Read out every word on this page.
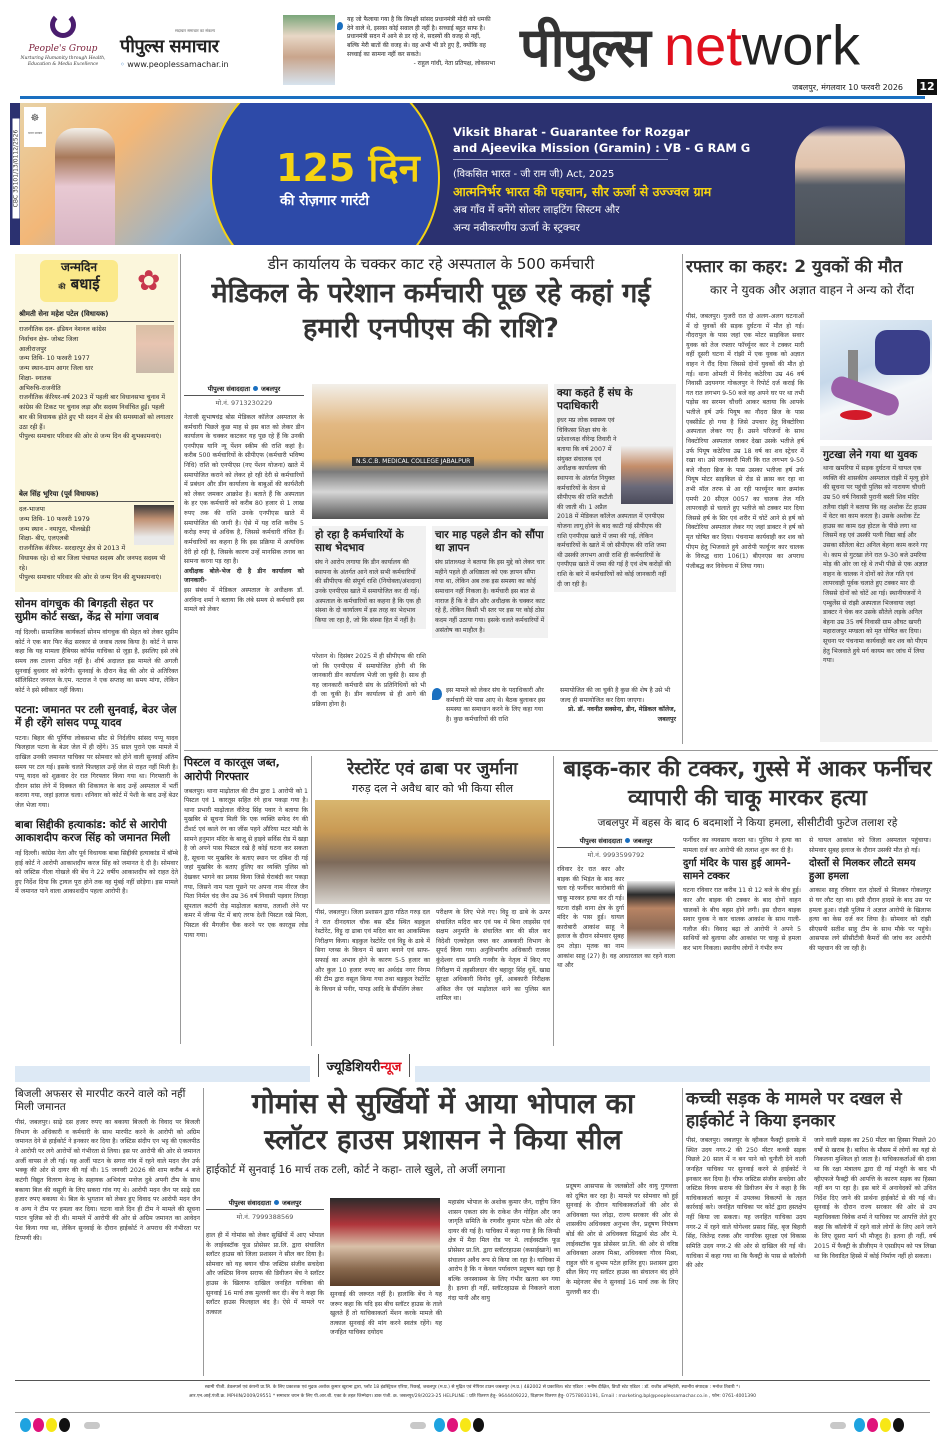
People's Group
Nurturing Humanity through Health, Education & Media Excellence
सदाचार समाचार का संकल्प
पीपुल्स समाचार
◦ www.peoplessamachar.in
यह जो फैलाया गया है कि विपक्षी सांसद प्रधानमंत्री मोदी को धमकी देने वाले थे, इसका कोई सवाल ही नहीं है। सच्चाई बहुत साफ है। प्रधानमंत्री सदन में आने से डर रहे थे, सदस्यों की वजह से नहीं, बल्कि मेरी बातों की वजह से। वह अभी भी डरे हुए हैं, क्योंकि वह सच्चाई का सामना नहीं कर सकते।
- राहुल गांधी, नेता प्रतिपक्ष, लोकसभा पीपुल्स network
जबलपुर, मंगलवार 10 फरवरी 2026 12
CBC 35101/13/0112/2526
☸
भारत सरकार
125 दिन
की रोज़गार गारंटी
Viksit Bharat - Guarantee for Rozgar
and Ajeevika Mission (Gramin) : VB - G RAM G
(विकसित भारत - जी राम जी) Act, 2025
आत्मनिर्भर भारत की पहचान, सौर ऊर्जा से उज्ज्वल ग्राम
अब गाँव में बनेंगे सोलर लाइटिंग सिस्टम और
अन्य नवीकरणीय ऊर्जा के स्ट्रक्चर
जन्मदिन
की बधाई	✿
श्रीमती सेना महेश पटेल (विधायक)
राजनीतिक दल- इंडियन नेशनल कांग्रेस
निर्वाचन क्षेत्र- जोबट जिला
आलीराजपुर
जन्म तिथि- 10 फरवरी 1977
जन्म स्थान-ग्राम आगर जिला धार
शिक्षा- स्नातक
अभिरुचि-राजनीति
राजनीतिक कॅरियर-वर्ष 2023 में पहली बार विधानसभा चुनाव में कांग्रेस की टिकट पर चुनाव लड़ा और सदस्य निर्वाचित हुईं। पहली बार की विधायक होते हुए भी सदन में क्षेत्र की समस्याओं को लगातार उठा रही हैं।
पीपुल्स समाचार परिवार की ओर से जन्म दिन की शुभकामनाएं।
बेल सिंह भूरिया (पूर्व विधायक)
दल-भाजपा
जन्म तिथि- 10 फरवरी 1979
जन्म स्थान - नयापुरा, भीलखेड़ी
शिक्षा- बीए, एलएलबी
राजनीतिक कॅरियर- सरदारपुर क्षेत्र से 2013 में विधायक रहे। दो बार जिला पंचायत सदस्य और जनपद सदस्य भी रहे।
पीपुल्स समाचार परिवार की ओर से जन्म दिन की शुभकामनाएं।
सोनम वांगचुक की बिगड़ती सेहत पर सुप्रीम कोर्ट सख्त, केंद्र से मांगा जवाब
नई दिल्ली। सामाजिक कार्यकर्ता सोनम वांगचुक की सेहत को लेकर सुप्रीम कोर्ट ने एक बार फिर केंद्र सरकार से जवाब तलब किया है। कोर्ट ने साफ कहा कि यह मामला हैबियस कॉर्पस याचिका से जुड़ा है, इसलिए इसे लंबे समय तक टालना उचित नहीं है। शीर्ष अदालत इस मामले की अगली सुनवाई बुधवार को करेगी। सुनवाई के दौरान केंद्र की ओर से अतिरिक्त सॉलिसिटर जनरल के.एम. नटराज ने एक सप्ताह का समय मांगा, लेकिन कोर्ट ने इसे स्वीकार नहीं किया।
पटना: जमानत पर टली सुनवाई, बेउर जेल में ही रहेंगे सांसद पप्पू यादव
पटना। बिहार की पूर्णिया लोकसभा सीट से निर्दलीय सांसद पप्पू यादव फिलहाल पटना के बेउर जेल में ही रहेंगे। 35 साल पुराने एक मामले में दाखिल उनकी जमानत याचिका पर सोमवार को होने वाली सुनवाई अंतिम समय पर टल गई। इसके चलते फिलहाल उन्हें जेल से राहत नहीं मिली है। पप्पू यादव को शुक्रवार देर रात गिरफ्तार किया गया था। गिरफ्तारी के दौरान सांस लेने में दिक्कत की शिकायत के बाद उन्हें अस्पताल में भर्ती कराया गया, जहां इलाज चला। शनिवार को कोर्ट में पेशी के बाद उन्हें बेउर जेल भेजा गया।
बाबा सिद्दीकी हत्याकांड: कोर्ट से आरोपी आकाशदीप करज सिंह को जमानत मिली
नई दिल्ली। कांग्रेस नेता और पूर्व विधायक बाबा सिद्दीकी हत्याकांड में बॉम्बे हाई कोर्ट ने आरोपी आकाशदीप करज सिंह को जमानत दे दी है। सोमवार को जस्टिस नीला गोखले की बेंच ने 22 वर्षीय आकाशदीप को राहत देते हुए निर्देश दिया कि ट्रायल पूरा होने तक वह मुंबई नहीं छोड़ेगा। इस मामले में जमानत पाने वाला आकाशदीप पहला आरोपी है।
डीन कार्यालय के चक्कर काट रहे अस्पताल के 500 कर्मचारी
मेडिकल के परेशान कर्मचारी पूछ रहे कहां गई हमारी एनपीएस की राशि?
पीपुल्स संवाददाता जबलपुर
मो.नं. 9713230229
नेताजी सुभाषचंद्र बोस मेडिकल कॉलेज अस्पताल के कर्मचारी पिछले कुछ माह से इस बात को लेकर डीन कार्यालय के चक्कर काटकर यह पूछ रहे हैं कि उनकी एनपीएस यानि न्यू पेंशन स्कीम की राशि कहां है। करीब 500 कर्मचारियों के सीपीएफ (कर्मचारी भविष्य निधि) राशि को एनपीएस (नए पेंशन योजना) खाते में समायोजित कराने को लेकर हो रही देरी से कर्मचारियों में प्रबंधन और डीन कार्यालय के बाबुओं की कार्यशैली को लेकर जमकर आक्रोश है। बताते हैं कि अस्पताल के हर एक कर्मचारी को करीब 80 हजार से 1 लाख रुपए तक की राशि उनके एनपीएस खाते में समायोजित की जानी है। ऐसे में यह राशि करीब 5 करोड़ रुपए से अधिक है, जिससे कर्मचारी वंचित हैं। कर्मचारियों का कहना है कि इस प्रक्रिया में अत्यधिक देरी हो रही है, जिसके कारण उन्हें मानसिक तनाव का सामना करना पड़ रहा है।
अधीक्षक बोले-भेज दी है डीन कार्यालय को जानकारी-
इस संबंध में मेडिकल अस्पताल के अधीक्षक डॉ. अरविन्द शर्मा ने बताया कि लंबे समय से कर्मचारी इस मामले को लेकर
N.S.C.B. MEDICAL COLLEGE JABALPUR
हो रहा है कर्मचारियों के साथ भेदभाव
संघ ने आरोप लगाया कि डीन कार्यालय की स्थापना के अंतर्गत आने वाले सभी कर्मचारियों की सीपीएफ की संपूर्ण राशि (नियोक्ता/अंशदान) उनके एनपीएस खाते में समायोजित कर दी गई। अस्पताल के कर्मचारियों का कहना है कि एक ही संस्था के दो कार्यालय में इस तरह का भेदभाव किया जा रहा है, जो कि संस्था हित में नहीं है।
चार माह पहले डीन को सौंपा था ज्ञापन
संघ प्रांताध्यक्ष ने बताया कि इस मुद्दे को लेकर चार महीने पहले ही अधिष्ठाता को एक ज्ञापन सौंपा गया था, लेकिन अब तक इस समस्या का कोई समाधान नहीं निकला है। कर्मचारी इस बात से नाराज हैं कि वे डीन और अधीक्षक के चक्कर काट रहे हैं, लेकिन किसी भी स्तर पर इस पर कोई ठोस कदम नहीं उठाया गया। इसके चलते कर्मचारियों में असंतोष का माहौल है।
परेशान थे। दिसंबर 2025 में ही सीपीएफ की राशि जो कि एनपीएस में समायोजित होनी थी कि जानकारी डीन कार्यालय भेजी जा चुकी है। साथ ही यह जानकारी कर्मचारी संघ के प्रतिनिधियों को भी दी जा चुकी है। डीन कार्यालय से ही आगे की प्रक्रिया होना है।
क्या कहते हैं संघ के पदाधिकारी
इधर मप्र लोक स्वास्थ्य एवं चिकित्सा शिक्षा संघ के प्रदेशाध्यक्ष वीरेन्द्र तिवारी ने बताया कि वर्ष 2007 में संयुक्त संचालक एवं अधीक्षक कार्यालय की स्थापना के अंतर्गत नियुक्त कर्मचारियों के वेतन से सीपीएफ की राशि कटौती की जाती थी। 1 अप्रैल 2018 में मेडिकल कॉलेज अस्पताल में एनपीएस योजना लागू होने के बाद काटी गई सीपीएफ की राशि एनपीएस खाते में जमा की गई, लेकिन कर्मचारियों के खाते में जो सीपीएफ की राशि जमा थी उसकी लगभग आधी राशि ही कर्मचारियों के एनपीएस खाते में जमा की गई है एवं शेष करोड़ों की राशि के बारे में कर्मचारियों को कोई जानकारी नहीं दी जा रही है।
इस मामले को लेकर संघ के पदाधिकारी और कर्मचारी मेरे पास आए थे। बैठक बुलाकर इस समस्या का समाधान करने के लिए कहा गया है। कुछ कर्मचारियों की राशि
समायोजित की जा चुकी है कुछ की शेष है उसे भी जल्द ही समायोजित कर दिया जाएगा।
प्रो. डॉ. नवनीत सक्सेना, डीन, मेडिकल कॉलेज, जबलपुर
रफ्तार का कहर: 2 युवकों की मौत
कार ने युवक और अज्ञात वाहन ने अन्य को रौंदा
पीसं, जबलपुर। गुजरी रात दो अलग-अलग घटनाओं में दो युवकों की सड़क दुर्घटना में मौत हो गई। नौदरापुल के पास जहां एक मोटर साइकिल सवार युवक को तेज रफ्तार फॉर्च्यूनर कार ने टक्कर मारी वहीं दूसरी घटना में रांझी में एक युवक को अज्ञात वाहन ने रौंद दिया जिससे दोनों युवकों की मौत हो गई। थाना ओमती में विनोद कठेरिया उम्र 46 वर्ष निवासी उदयनगर गोकलपुर ने रिपोर्ट दर्ज कराई कि गत रात लगभग 9-50 बजे वह अपने घर पर था तभी पड़ोस का सरमन चौधरी आकर बताया कि आपके भतीजे हर्ष उर्फ पियूष का नौदरा ब्रिज के पास एक्सीडेंट हो गया है जिसे उपचार हेतु विक्टोरिया अस्पताल लेकर गए हैं। उसने परिजनों के साथ विक्टोरिया अस्पताल जाकर देखा उसके भतीजे हर्ष उर्फ पियूष कठेरिया उम्र 18 वर्ष का शव स्ट्रेचर में रखा था। उसे जानकारी मिली कि रात लगभग 9-50 बजे नौदरा ब्रिज के पास उसका भतीजा हर्ष उर्फ पियूष मोटर साइकिल से रोड से क्रास कर रहा था तभी मॉल तरफ से आ रही फार्च्यूनर कार क्रमांक एमपी 20 सीएल 0057 का चालक तेज गति लापरवाही से चलाते हुए भतीजे को टक्कर मार दिया जिससे हर्ष के सिर एवं शरीर में चोटें आने से हर्ष को विक्टोरिया अस्पताल लेकर गए जहां डाक्टर ने हर्ष को मृत घोषित कर दिया। पंचनामा कार्यवाही कर शव को पीएम हेतु भिजवाते हुये आरोपी फार्चुनर कार चालक के विरुद्ध धारा 106(1) बीएनएस का अपराध पंजीबद्ध कर विवेचना में लिया गया।
गुटखा लेने गया था युवक
थाना खमरिया में सड़क दुर्घटना में घायल एक व्यक्ति की शासकीय अस्पताल रांझी में मृत्यु होने की सूचना पर पहुंची पुलिस को नारायण चौधरी उम्र 50 वर्ष निवासी पुरानी बस्ती शिव मंदिर तलैया रांझी ने बताया कि वह अशोक टेंट हाउस में वेटर का काम करता है। उसके अशोक टेंट हाउस का काम दक्ष होटल के पीछे लगा था जिसमें वह एवं उसकी पत्नी विद्या बाई और उसका सौतेला बेटा अनिल बेहना काम करने गए थे। काम से गुटखा लेने रात 9-30 बजे उमरिया मोड़ की ओर जा रहे थे तभी पीछे से एक अज्ञात वाहन के चालक ने दोनों को तेज गति एवं लापरवाही पूर्वक चलाते हुए टक्कर मार दी जिससे दोनों को चोटें आ गई। स्थानीयजनों ने एम्बुलेंस से रांझी अस्पताल भिजवाया जहां डाक्टर ने चेक कर उसके सौतेले लड़के अनिल बेहना उम्र 35 वर्ष निवासी ग्राम औघट खपरी महाराजपुर मण्डला को मृत घोषित कर दिया। सूचना पर पंचनामा कार्यवाही कर शव को पीएम हेतु भिजवाते हुये मर्ग कायम कर जांच में लिया गया।
पिस्टल व कारतूस जब्त, आरोपी गिरफ्तार
जबलपुर। थाना माढ़ोताल की टीम द्वारा 1 आरोपी को 1 पिस्टल एवं 1 कारतूस सहित रंगे हाथ पकड़ा गया है। थाना प्रभारी माढ़ोताल वीरेन्द्र सिंह पवार ने बताया कि मुखबिर से सूचना मिली कि एक व्यक्ति सफेद रंग की टीशर्ट एवं काले रंग का जींस पहने औरिया मटर मंडी के सामने हनुमान मंदिर के बाजू से हाइवे सर्विस रोड में खड़ा है जो अपने पास पिस्टल रखे है कोई घटना कर सकता है, सूचना पर मुखबिर के बताए स्थान पर दबिश दी गई जहां मुखबिर के बताए हुलिए का व्यक्ति पुलिस को देखकर भागने का प्रयास किया जिसे घेराबंदी कर पकड़ा गया, जिसने नाम पता पूछने पर अपना नाम नीरज जैन पिता निर्मल चंद जैन उम्र 36 वर्ष निवासी पड़वार तिराहा सूपताल कटंगी रोड़ माढ़ोताल बताया, तलाशी लेने पर कमर में जीन्स पेंट में बाएं तरफ देशी पिस्टल रखे मिला, पिस्टल की मैगजीन चैक करने पर एक कारतूस लोड पाया गया।
रेस्टोरेंट एवं ढाबा पर जुर्माना
गरुड़ दल ने अवैध बार को भी किया सील
पीसं, जबलपुर। जिला प्रशासन द्वारा गठित गरुड़ दल ने रात दीनदयाल चौक बस स्टैंड स्थित बड़कुल रेस्टोरेंट, विट्टू दा ढाबा एवं मदिरा बार का आकस्मिक निरीक्षण किया। बड़कुल रेस्टोरेंट एवं विट्टू के ढाबे में बिना ग्लव्स के किचन में खाना बनाने एवं साफ-सफाई का अभाव होने के कारण 5-5 हजार का और कुल 10 हजार रुपए का अर्थदंड नगर निगम की टीम द्वारा वसूल किया गया तथा बड़कुल रेस्टोरेंट के किचन से पनीर, पापड़ आदि के सैंपलिंग लेकर
परीक्षण के लिए भेजे गए। विट्टू दा ढाबे के ऊपर संचालित मदिरा बार एवं पब में बिना लाइसेंस एवं सक्षम अनुमति के संचालित बार की सील कर विदेशी एल्कोहल जब्त कर आबकारी विभाग के सुपर्द किया गया। अनुविभागीय अधिकारी राजस्व कुंदेश्वर धाम प्रगति गनवीर के नेतृत्व में किए गए निरीक्षण में तहसीलदार वीर बहादुर सिंह धुर्वे, खाद्य सुरक्षा अधिकारी विनोद धुर्वे, आबकारी निरीक्षक अंकित जैन एवं माढ़ोताल थाने का पुलिस बल शामिल था।
बाइक-कार की टक्कर, गुस्से में आकर फर्नीचर व्यापारी की चाकू मारकर हत्या
जबलपुर में बहस के बाद 6 बदमाशों ने किया हमला, सीसीटीवी फुटेज तलाश रहे
पीपुल्स संवाददाता जबलपुर
मो.नं. 9993599792
रविवार देर रात कार और बाइक की भिड़ंत के बाद कार चला रहे फर्नीचर कारोबारी की चाकू मारकर हत्या कर दी गई। घटना रांझी थाना क्षेत्र के दुर्गा मंदिर के पास हुई। घायल कारोबारी आकांश साहू ने इलाज के दौरान सोमवार सुबह दम तोड़ा। मृतक का नाम आकांश साहू (27) है। वह आधारताल का रहने वाला था और
फर्नीचर का व्यवसाय करता था। पुलिस ने हत्या का मामला दर्ज कर आरोपी की तलाश शुरू कर दी है।
दुर्गा मंदिर के पास हुई आमने-सामने टक्कर
घटना रविवार रात करीब 11 से 12 बजे के बीच हुई। कार और बाइक की टक्कर के बाद दोनों वाहन चालकों के बीच बहस होने लगी। इस दौरान बाइक सवार युवक ने कार चालक आकांश के साथ गाली-गलौज की। विवाद बढ़ा तो आरोपी ने अपने 5 साथियों को बुलाया और आकांश पर चाकू से हमला कर भाग निकला। स्थानीय लोगों ने गंभीर रूप
से घायल आकांश को जिला अस्पताल पहुंचाया। सोमवार सुबह इलाज के दौरान उसकी मौत हो गई।
दोस्तों से मिलकर लौटते समय हुआ हमला
आकाश साहू रविवार रात दोस्तों से मिलकर गोकलपुर से घर लौट रहा था। इसी दौरान हादसे के बाद उस पर हमला हुआ। रांझी पुलिस ने अज्ञात आरोपी के खिलाफ हत्या का केस दर्ज कर लिया है। सोमवार को रांझी सीएसपी सतीश साहू टीम के साथ मौके पर पहुंचे। आसपास लगे सीसीटीवी कैमरों की जांच कर आरोपी की पहचान की जा रही है।
ज्यूडिशियरीन्यूज
बिजली अफसर से मारपीट करने वाले को नहीं मिली जमानत
पीसं, जबलपुर। साढ़े दस हजार रुपए का बकाया बिजली के विवाद पर बिजली विभाग के अधिकारी व कर्मचारी के साथ मारपीट करने के आरोपी को अग्रिम जमानत देने से हाईकोर्ट ने इनकार कर दिया है। जस्टिस संदीप एन भट्ट की एकलपीठ ने आरोपी पर लगे आरोपों को गंभीरता से लिया। इस पर आरोपी की ओर से जमानत अर्जी वापस ले ली गई। यह अर्जी पाटन के सगरा गांव में रहने वाले मदन जैन उर्फ भक्कू की ओर से दायर की गई थी। 15 जनवरी 2026 की शाम करीब 4 बजे कटंगी विद्युत वितरण केन्द्र के सहायक अभियंता मनोज दुबे अपनी टीम के साथ बकाया बिल की वसूली के लिए सकरा गांव गए थे। आरोपी मदन जैन पर साढ़े दस हजार रुपए बकाया थे। बिल के भुगतान को लेकर हुए विवाद पर आरोपी मदन जैन व अन्य ने टीम पर हमला कर दिया। घटना वाले दिन ही टीम ने मामले की सूचना पाटन पुलिस को दी थी। मामले में आरोपी की ओर से अग्रिम जमानत का आवेदन पेश किया गया था, लेकिन सुनवाई के दौरान हाईकोर्ट ने अपराध की गंभीरता पर टिप्पणी की।
गोमांस से सुर्खियों में आया भोपाल का स्लॉटर हाउस प्रशासन ने किया सील
हाईकोर्ट में सुनवाई 16 मार्च तक टली, कोर्ट ने कहा- ताले खुले, तो अर्जी लगाना
पीपुल्स संवाददाता जबलपुर
मो.नं. 7999388569
हाल ही में गोमांस को लेकर सुर्खियों में आए भोपाल के लाईवस्टॉक फूड प्रोसेसर प्रा.लि. द्वारा संचालित स्लॉटर हाउस को जिला प्रशासन ने सील कर दिया है। सोमवार को यह बयान चीफ जस्टिस संजीव सचदेवा और जस्टिस विनय सराफ की डिवीजन बेंच ने स्लॉटर हाउस के खिलाफ दाखिल जनहित याचिका की सुनवाई 16 मार्च तक मुल्तवी कर दी। बेंच ने कहा कि स्लॉटर हाउस फिलहाल बंद है। ऐसे में मामले पर तत्काल
सुनवाई की जरूरत नहीं है। हालांकि बेंच ने यह जरूर कहा कि यदि इस बीच स्लॉटर हाउस के ताले खुलते हैं तो याचिकाकर्ता मेंशन करके मामले की तत्काल सुनवाई की मांग करने स्वतंत्र रहेंगे। यह जनहित याचिका दयोदय
महासंघ भोपाल के अशोक कुमार जैन, राष्ट्रीय जिन शासन एकता संघ के राकेश जैन गोहिल और जन जागृति समिति के रणवीर कुमार पटेल की ओर से दायर की गई है। याचिका में कहा गया है कि जिन्सी क्षेत्र में मैदा मिल रोड पर मे. लाईवस्टॉक फूड प्रोसेसर प्रा.लि. द्वारा स्लॉटरहाउस (कसाईखाने) का संचालन अवैध रूप से किया जा रहा है। याचिका में आरोप है कि न केवल पर्यावरण प्रदूषण बढ़ा रहा है बल्कि जनस्वास्थ्य के लिए गंभीर खतरा बन गया है। इतना ही नहीं, स्लॉटरहाउस से निकलने वाला गंदा पानी और वायु
प्रदूषण आसपास के जलस्रोतों और वायु गुणवत्ता को दूषित कर रहा है। मामले पर सोमवार को हुई सुनवाई के दौरान याचिकाकर्ताओं की ओर से अधिवक्ता यश लोढ़ा, राज्य सरकार की ओर से शासकीय अधिवक्ता अनुभव जैन, प्रदूषण नियंत्रण बोर्ड की ओर से अधिवक्ता सिद्धार्थ सेठ और मे. लाईवस्टॉक फूड प्रोसेसर प्रा.लि. की ओर से वरिष्ठ अधिवक्ता अजय मिश्रा, अधिवक्ता गौरव मिश्रा, राहुल चौरे व शुभम पटेल हाजिर हुए। प्रशासन द्वारा सील किए गए स्लॉटर हाउस का संचालन बंद होने के मद्देनजर बेंच ने सुनवाई 16 मार्च तक के लिए मुल्तवी कर दी।
कच्ची सड़क के मामले पर दखल से हाईकोर्ट ने किया इनकार
पीसं, जबलपुर। जबलपुर के व्हीकल फैक्ट्री इलाके में स्थित उदय नगर-2 की 250 मीटर कच्ची सड़क पिछले 20 साल में न बन पाने को चुनौती देने वाली जनहित याचिका पर सुनवाई करने से हाईकोर्ट ने इनकार कर दिया है। चीफ जस्टिस संजीव सचदेवा और जस्टिस विनय सराफ की डिवीजन बेंच ने कहा है कि याचिकाकर्ता कानून में उपलब्ध विकल्पों के तहत कार्रवाई करे। जनहित याचिका पर कोर्ट द्वारा हस्तक्षेप नहीं किया जा सकता। यह जनहित याचिका उदय नगर-2 में रहने वाले योगेश्वर प्रसाद सिंह, बृज बिहारी सिंह, जितेन्द्र रजक और नागरिक सुरक्षा एवं विकास समिति उदय नगर-2 की ओर से दाखिल की गई थी। याचिका में कहा गया था कि फैक्ट्री के पास से कॉलोनी की ओर
जाने वाली सड़क का 250 मीटर का हिस्सा पिछले 20 वर्षों से खराब है। बारिश के मौसम में लोगों का यहां से निकलना मुश्किल हो जाता है। याचिकाकर्ताओं की दावा था कि रक्षा मंत्रालय द्वारा दी गई मंजूरी के बाद भी व्हीएफजे फैक्ट्री की आपत्ति के कारण सड़क का हिस्सा नहीं बन पा रहा है। इस बारे में अनावेदकों को उचित निर्देश दिए जाने की प्रार्थना हाईकोर्ट से की गई थी। सुनवाई के दौरान राज्य सरकार की ओर से उप महाधिवक्ता विवेक शर्मा ने याचिका पर आपत्ति लेते हुए कहा कि कॉलोनी में रहने वाले लोगों के लिए आने जाने के लिए दूसरा मार्ग भी मौजूद है। इतना ही नहीं, वर्ष 2015 में फैक्ट्री के डीजीएम ने एसडीएम को पत्र लिखा था कि विवादित हिस्से में कोई निर्माण नहीं हो सकता।
स्वामी पीजी. डेवलपर्स एवं कंपनी प्रा.लि. के लिए प्रकाशक एवं मुद्रक अशोक कुमार खुराना द्वारा, प्लॉट 18 इंडस्ट्रियल एरिया, रिछाई, जबलपुर (म.प्र.) से मुद्रित एवं नेपियर टाउन जबलपुर (म.प्र.) 482002 से प्रकाशित। स्टेट एडिटर : मनीष दीक्षित, डिप्टी स्टेट एडिटर : डॉ. राजीव अग्निहोत्री, स्थानीय संपादक : मनोज तिवारी *।
आर.एन.आई.पंजी.क्र. MPHIN/2009/29551 * समाचार चयन के लिए पी.आर.बी. एक्ट के तहत जिम्मेदार। डाक पंजी. क्र. जबलपुर/29/2023-25 HELPLINE : प्रति वितरण हेतु- 9644409222, विज्ञापन वितरण हेतु- 07578031191, Email : marketing.bpl@peoplessamachar.co.in , फोन: 0761-4001390
